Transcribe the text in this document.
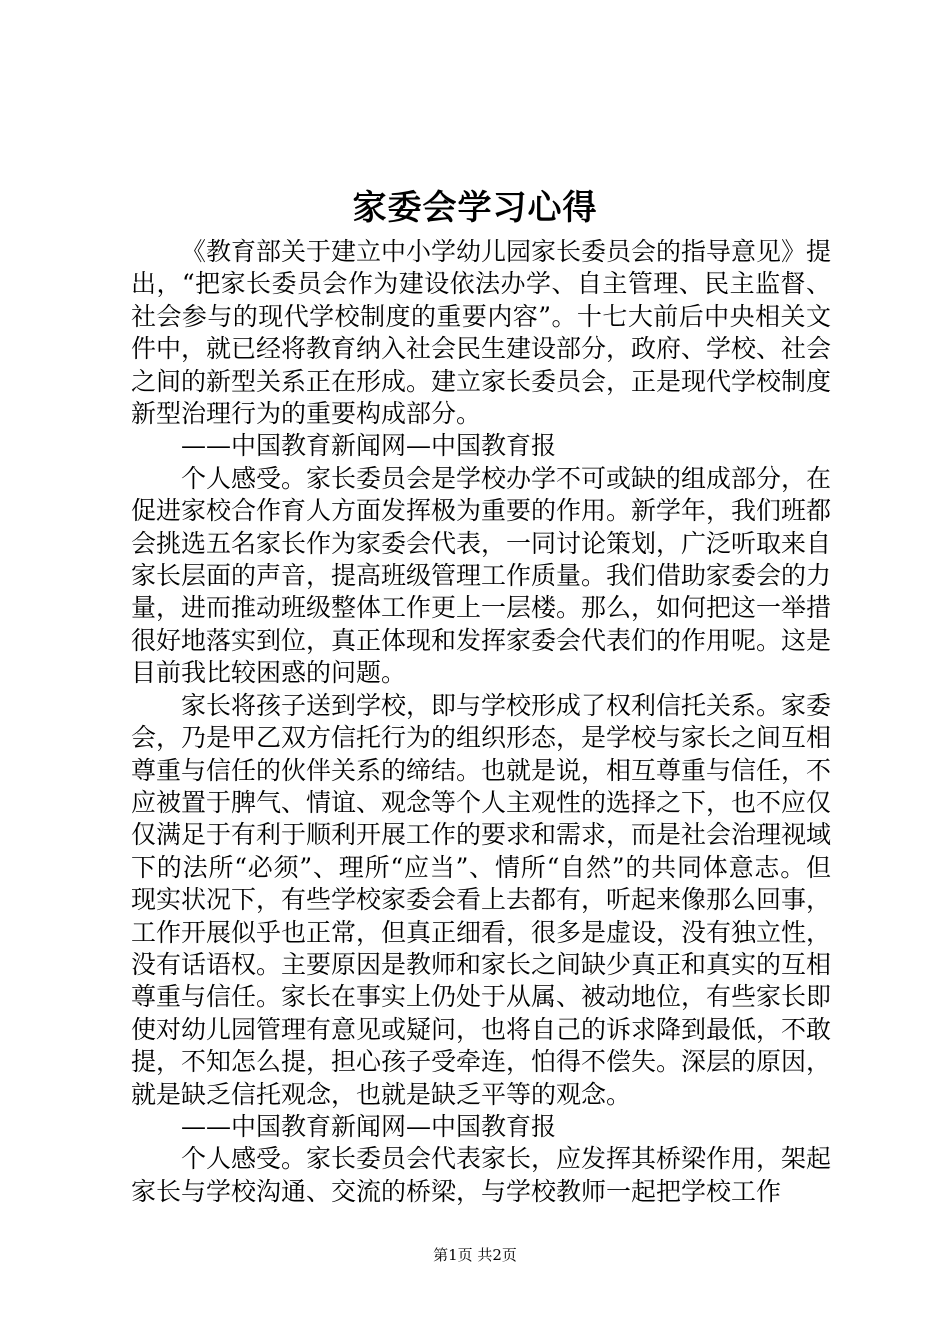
家委会学习心得

《教育部关于建立中小学幼儿园家长委员会的指导意见》提出，“把家长委员会作为建设依法办学、自主管理、民主监督、社会参与的现代学校制度的重要内容”。十七大前后中央相关文件中，就已经将教育纳入社会民生建设部分，政府、学校、社会之间的新型关系正在形成。建立家长委员会，正是现代学校制度新型治理行为的重要构成部分。

——中国教育新闻网—中国教育报

个人感受。家长委员会是学校办学不可或缺的组成部分，在促进家校合作育人方面发挥极为重要的作用。新学年，我们班都会挑选五名家长作为家委会代表，一同讨论策划，广泛听取来自家长层面的声音，提高班级管理工作质量。我们借助家委会的力量，进而推动班级整体工作更上一层楼。那么，如何把这一举措很好地落实到位，真正体现和发挥家委会代表们的作用呢。这是目前我比较困惑的问题。

家长将孩子送到学校，即与学校形成了权利信托关系。家委会，乃是甲乙双方信托行为的组织形态，是学校与家长之间互相尊重与信任的伙伴关系的缔结。也就是说，相互尊重与信任，不应被置于脾气、情谊、观念等个人主观性的选择之下，也不应仅仅满足于有利于顺利开展工作的要求和需求，而是社会治理视域下的法所“必须”、理所“应当”、情所“自然”的共同体意志。但现实状况下，有些学校家委会看上去都有，听起来像那么回事，工作开展似乎也正常，但真正细看，很多是虚设，没有独立性，没有话语权。主要原因是教师和家长之间缺少真正和真实的互相尊重与信任。家长在事实上仍处于从属、被动地位，有些家长即使对幼儿园管理有意见或疑问，也将自己的诉求降到最低，不敢提，不知怎么提，担心孩子受牵连，怕得不偿失。深层的原因，就是缺乏信托观念，也就是缺乏平等的观念。

——中国教育新闻网—中国教育报

个人感受。家长委员会代表家长，应发挥其桥梁作用，架起家长与学校沟通、交流的桥梁，与学校教师一起把学校工作

第1页 共2页
